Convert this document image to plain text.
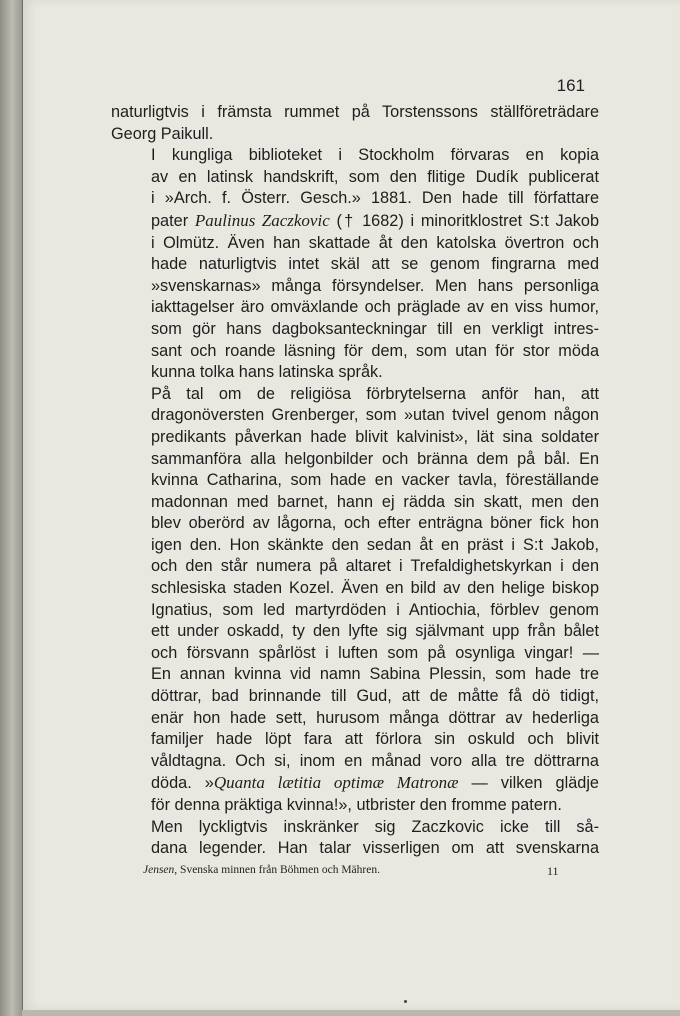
161

naturligtvis i främsta rummet på Torstenssons ställföreträdare
Georg Paikull.

I kungliga biblioteket i Stockholm förvaras en kopia
av en latinsk handskrift, som den flitige Dudík publicerat
i »Arch. f. Österr. Gesch.» 1881. Den hade till författare
pater Paulinus Zaczkovic († 1682) i minoritklostret S:t Jakob
i Olmütz. Även han skattade åt den katolska övertron och
hade naturligtvis intet skäl att se genom fingrarna med
»svenskarnas» många försyndelser. Men hans personliga
iakttagelser äro omväxlande och präglade av en viss humor,
som gör hans dagboksanteckningar till en verkligt intres-
sant och roande läsning för dem, som utan för stor möda
kunna tolka hans latinska språk.

På tal om de religiösa förbrytelserna anför han, att
dragonöversten Grenberger, som »utan tvivel genom någon
predikants påverkan hade blivit kalvinist», lät sina soldater
sammanföra alla helgonbilder och bränna dem på bål. En
kvinna Catharina, som hade en vacker tavla, föreställande
madonnan med barnet, hann ej rädda sin skatt, men den
blev oberörd av lågorna, och efter enträgna böner fick hon
igen den. Hon skänkte den sedan åt en präst i S:t Jakob,
och den står numera på altaret i Trefaldighetskyrkan i den
schlesiska staden Kozel. Även en bild av den helige biskop
Ignatius, som led martyrdöden i Antiochia, förblev genom
ett under oskadd, ty den lyfte sig självmant upp från bålet
och försvann spårlöst i luften som på osynliga vingar! —
En annan kvinna vid namn Sabina Plessin, som hade tre
döttrar, bad brinnande till Gud, att de måtte få dö tidigt,
enär hon hade sett, hurusom många döttrar av hederliga
familjer hade löpt fara att förlora sin oskuld och blivit
våldtagna. Och si, inom en månad voro alla tre döttrarna
döda. »Quanta lætitia optimæ Matronæ — vilken glädje
för denna präktiga kvinna!», utbrister den fromme patern.

Men lyckligtvis inskränker sig Zaczkovic icke till så-
dana legender. Han talar visserligen om att svenskarna

Jensen, Svenska minnen från Böhmen och Mähren.	11
